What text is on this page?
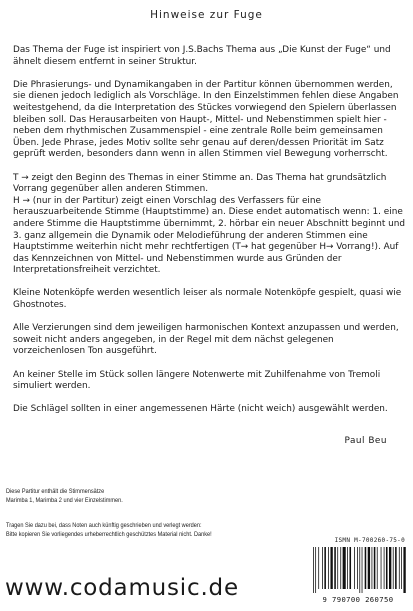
Hinweise zur Fuge

Das Thema der Fuge ist inspiriert von J.S.Bachs Thema aus „Die Kunst der Fuge“ und ähnelt diesem entfernt in seiner Struktur.

Die Phrasierungs- und Dynamikangaben in der Partitur können übernommen werden, sie dienen jedoch lediglich als Vorschläge. In den Einzelstimmen fehlen diese Angaben weitestgehend, da die Interpretation des Stückes vorwiegend den Spielern überlassen bleiben soll. Das Herausarbeiten von Haupt-, Mittel- und Nebenstimmen spielt hier - neben dem rhythmischen Zusammenspiel - eine zentrale Rolle beim gemeinsamen Üben. Jede Phrase, jedes Motiv sollte sehr genau auf deren/dessen Priorität im Satz geprüft werden, besonders dann wenn in allen Stimmen viel Bewegung vorherrscht.

T → zeigt den Beginn des Themas in einer Stimme an. Das Thema hat grundsätzlich Vorrang gegenüber allen anderen Stimmen.
H → (nur in der Partitur) zeigt einen Vorschlag des Verfassers für eine herauszuarbeitende Stimme (Hauptstimme) an. Diese endet automatisch wenn: 1. eine andere Stimme die Hauptstimme übernimmt, 2. hörbar ein neuer Abschnitt beginnt und 3. ganz allgemein die Dynamik oder Melodieführung der anderen Stimmen eine Hauptstimme weiterhin nicht mehr rechtfertigen (T→ hat gegenüber H→ Vorrang!). Auf das Kennzeichnen von Mittel- und Nebenstimmen wurde aus Gründen der Interpretationsfreiheit verzichtet.

Kleine Notenköpfe werden wesentlich leiser als normale Notenköpfe gespielt, quasi wie Ghostnotes.

Alle Verzierungen sind dem jeweiligen harmonischen Kontext anzupassen und werden, soweit nicht anders angegeben, in der Regel mit dem nächst gelegenen vorzeichenlosen Ton ausgeführt.

An keiner Stelle im Stück sollen längere Notenwerte mit Zuhilfenahme von Tremoli simuliert werden.

Die Schlägel sollten in einer angemessenen Härte (nicht weich) ausgewählt werden.

Paul Beu
Diese Partitur enthält die Stimmensätze
Marimba 1, Marimba 2 und vier Einzelstimmen.
Tragen Sie dazu bei, dass Noten auch künftig geschrieben und verlegt werden:
Bitte kopieren Sie vorliegendes urheberrechtlich geschütztes Material nicht. Danke!
ISMN M-700260-75-0
9 790700 260750
www.codamusic.de
